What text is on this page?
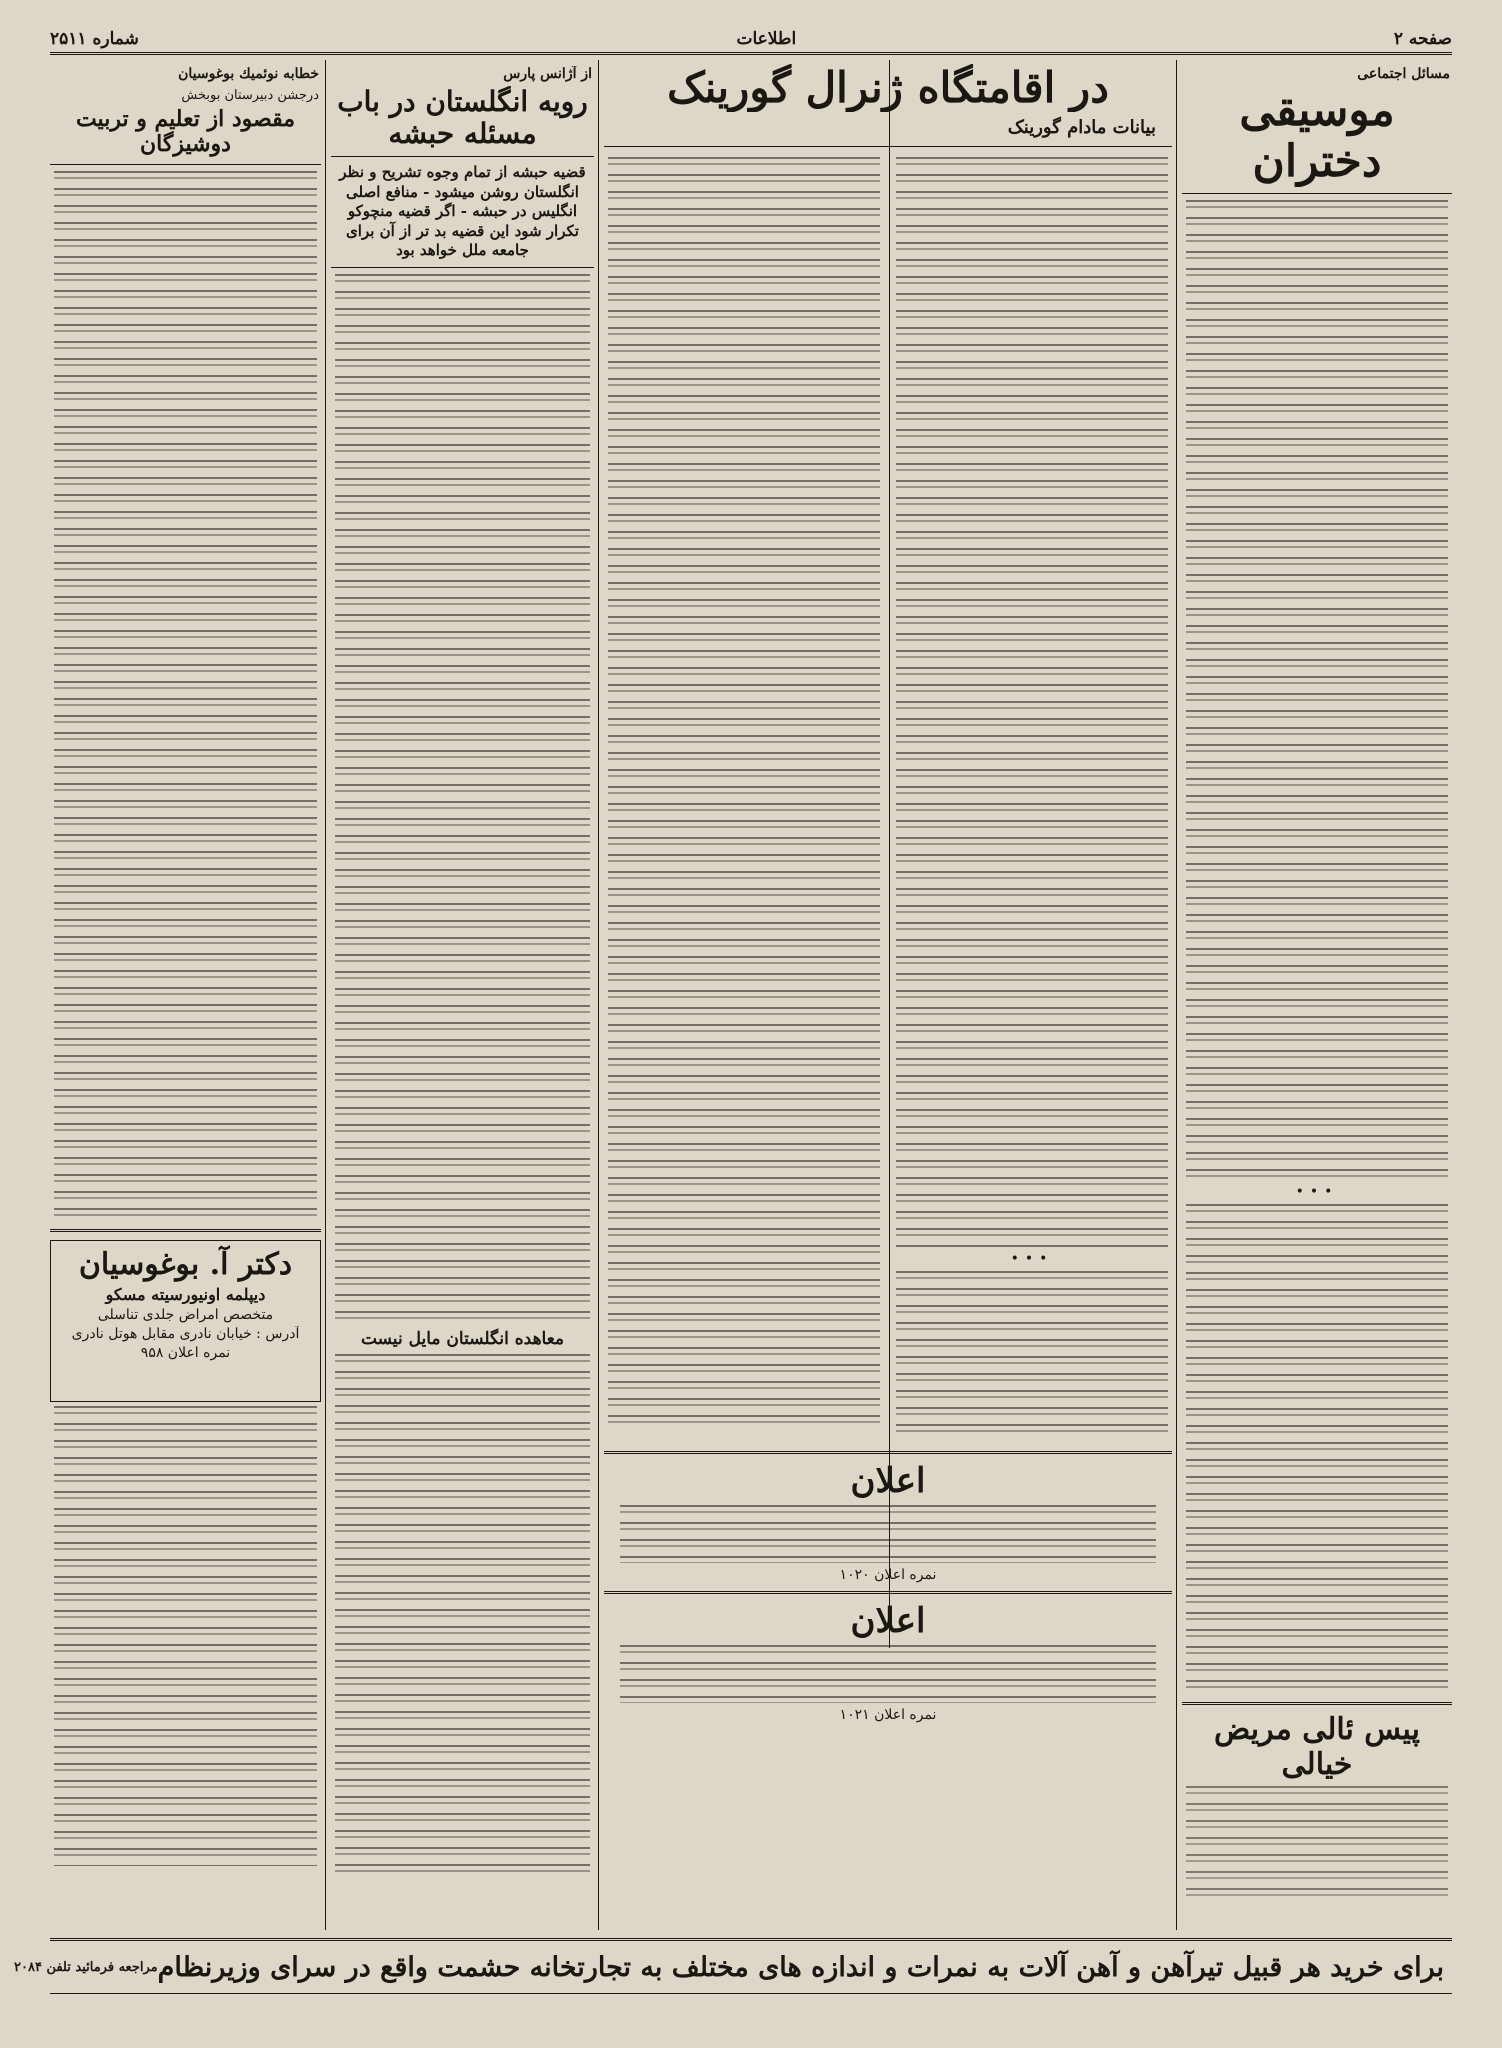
شماره ۲۵۱۱	اطلاعات	صفحه ۲
مسائل اجتماعی
موسیقی دختران
•••
پیس ئالی مریض خیالی
در اقامتگاه ژنرال گورینک
بیانات مادام گورینک
•••
اعلان
نمره اعلان ۱۰۲۰
اعلان
نمره اعلان ۱۰۲۱
از آژانس پارس
رویه انگلستان در باب مسئله حبشه
قضیه حبشه از تمام وجوه تشریح و نظر انگلستان روشن میشود - منافع اصلی انگلیس در حبشه - اگر قضیه منچوکو تکرار شود این قضیه بد تر از آن برای جامعه ملل خواهد بود
معاهده انگلستان مایل نیست
خطابه نوئمیك بوغوسیان
درجشن دبیرستان بوبخش
مقصود از تعلیم و تربیت دوشیزگان
دکتر آ. بوغوسیان
دیپلمه اونیورسیته مسکو
متخصص امراض جلدی تناسلی
آدرس : خیابان نادری مقابل هوتل نادری
نمره اعلان ۹۵۸
برای خرید هر قبیل تیرآهن و آهن آلات به نمرات و اندازه های مختلف به تجارتخانه حشمت واقع در سرای وزیرنظام
مراجعه فرمائید تلفن ۲۰۸۴
